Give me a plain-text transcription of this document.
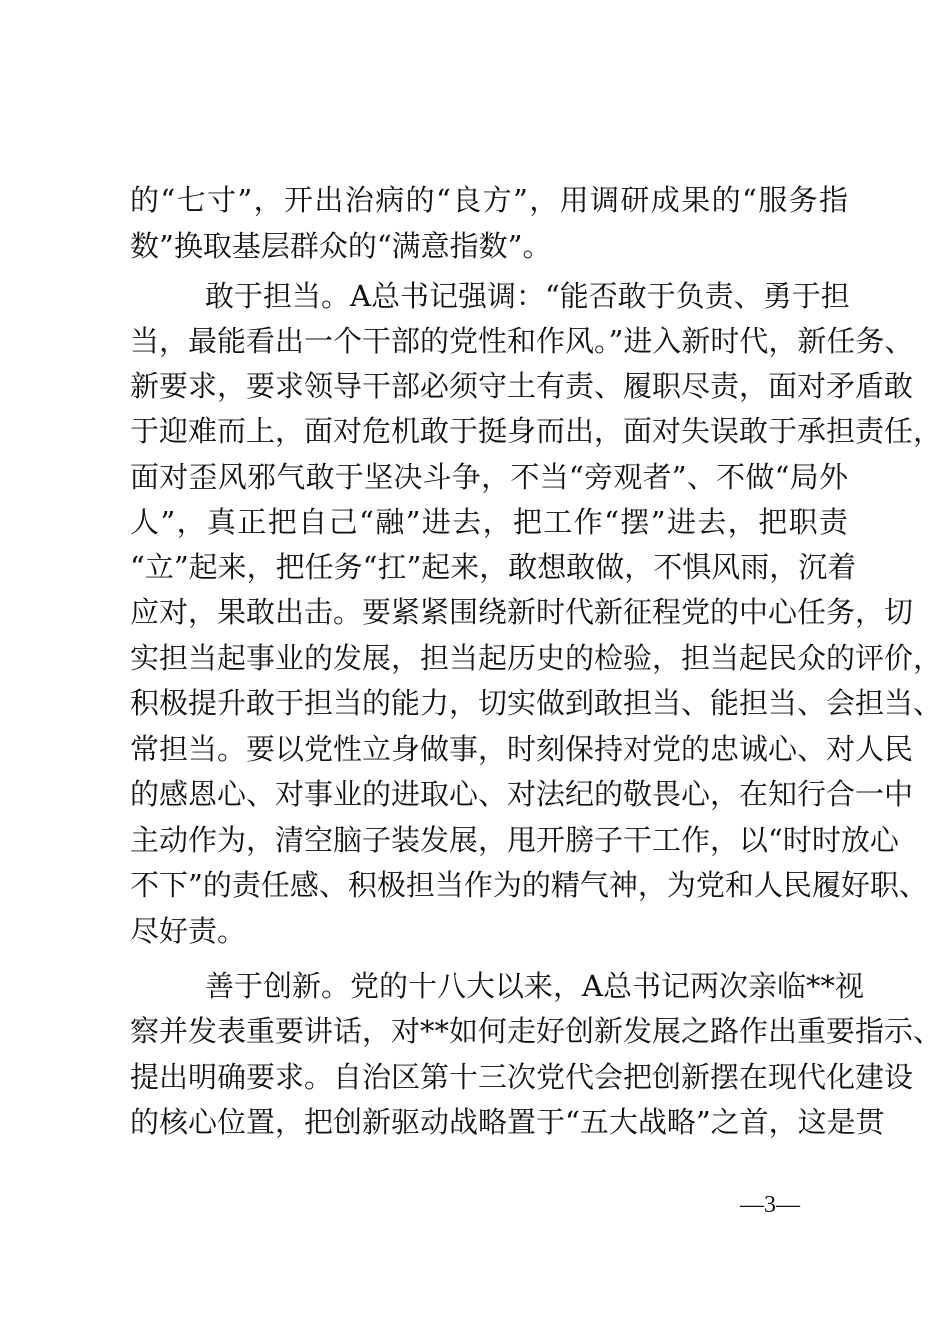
的“七寸”，开出治病的“良方”，用调研成果的“服务指
数”换取基层群众的“满意指数”。
敢于担当。A总书记强调：“能否敢于负责、勇于担
当，最能看出一个干部的党性和作风。”进入新时代，新任务、
新要求，要求领导干部必须守土有责、履职尽责，面对矛盾敢
于迎难而上，面对危机敢于挺身而出，面对失误敢于承担责任，
面对歪风邪气敢于坚决斗争，不当“旁观者”、不做“局外
人”，真正把自己“融”进去，把工作“摆”进去，把职责
“立”起来，把任务“扛”起来，敢想敢做，不惧风雨，沉着
应对，果敢出击。要紧紧围绕新时代新征程党的中心任务，切
实担当起事业的发展，担当起历史的检验，担当起民众的评价，
积极提升敢于担当的能力，切实做到敢担当、能担当、会担当、
常担当。要以党性立身做事，时刻保持对党的忠诚心、对人民
的感恩心、对事业的进取心、对法纪的敬畏心，在知行合一中
主动作为，清空脑子装发展，甩开膀子干工作，以“时时放心
不下”的责任感、积极担当作为的精气神，为党和人民履好职、
尽好责。
善于创新。党的十八大以来，A总书记两次亲临**视
察并发表重要讲话，对**如何走好创新发展之路作出重要指示、
提出明确要求。自治区第十三次党代会把创新摆在现代化建设
的核心位置，把创新驱动战略置于“五大战略”之首，这是贯
—3—
